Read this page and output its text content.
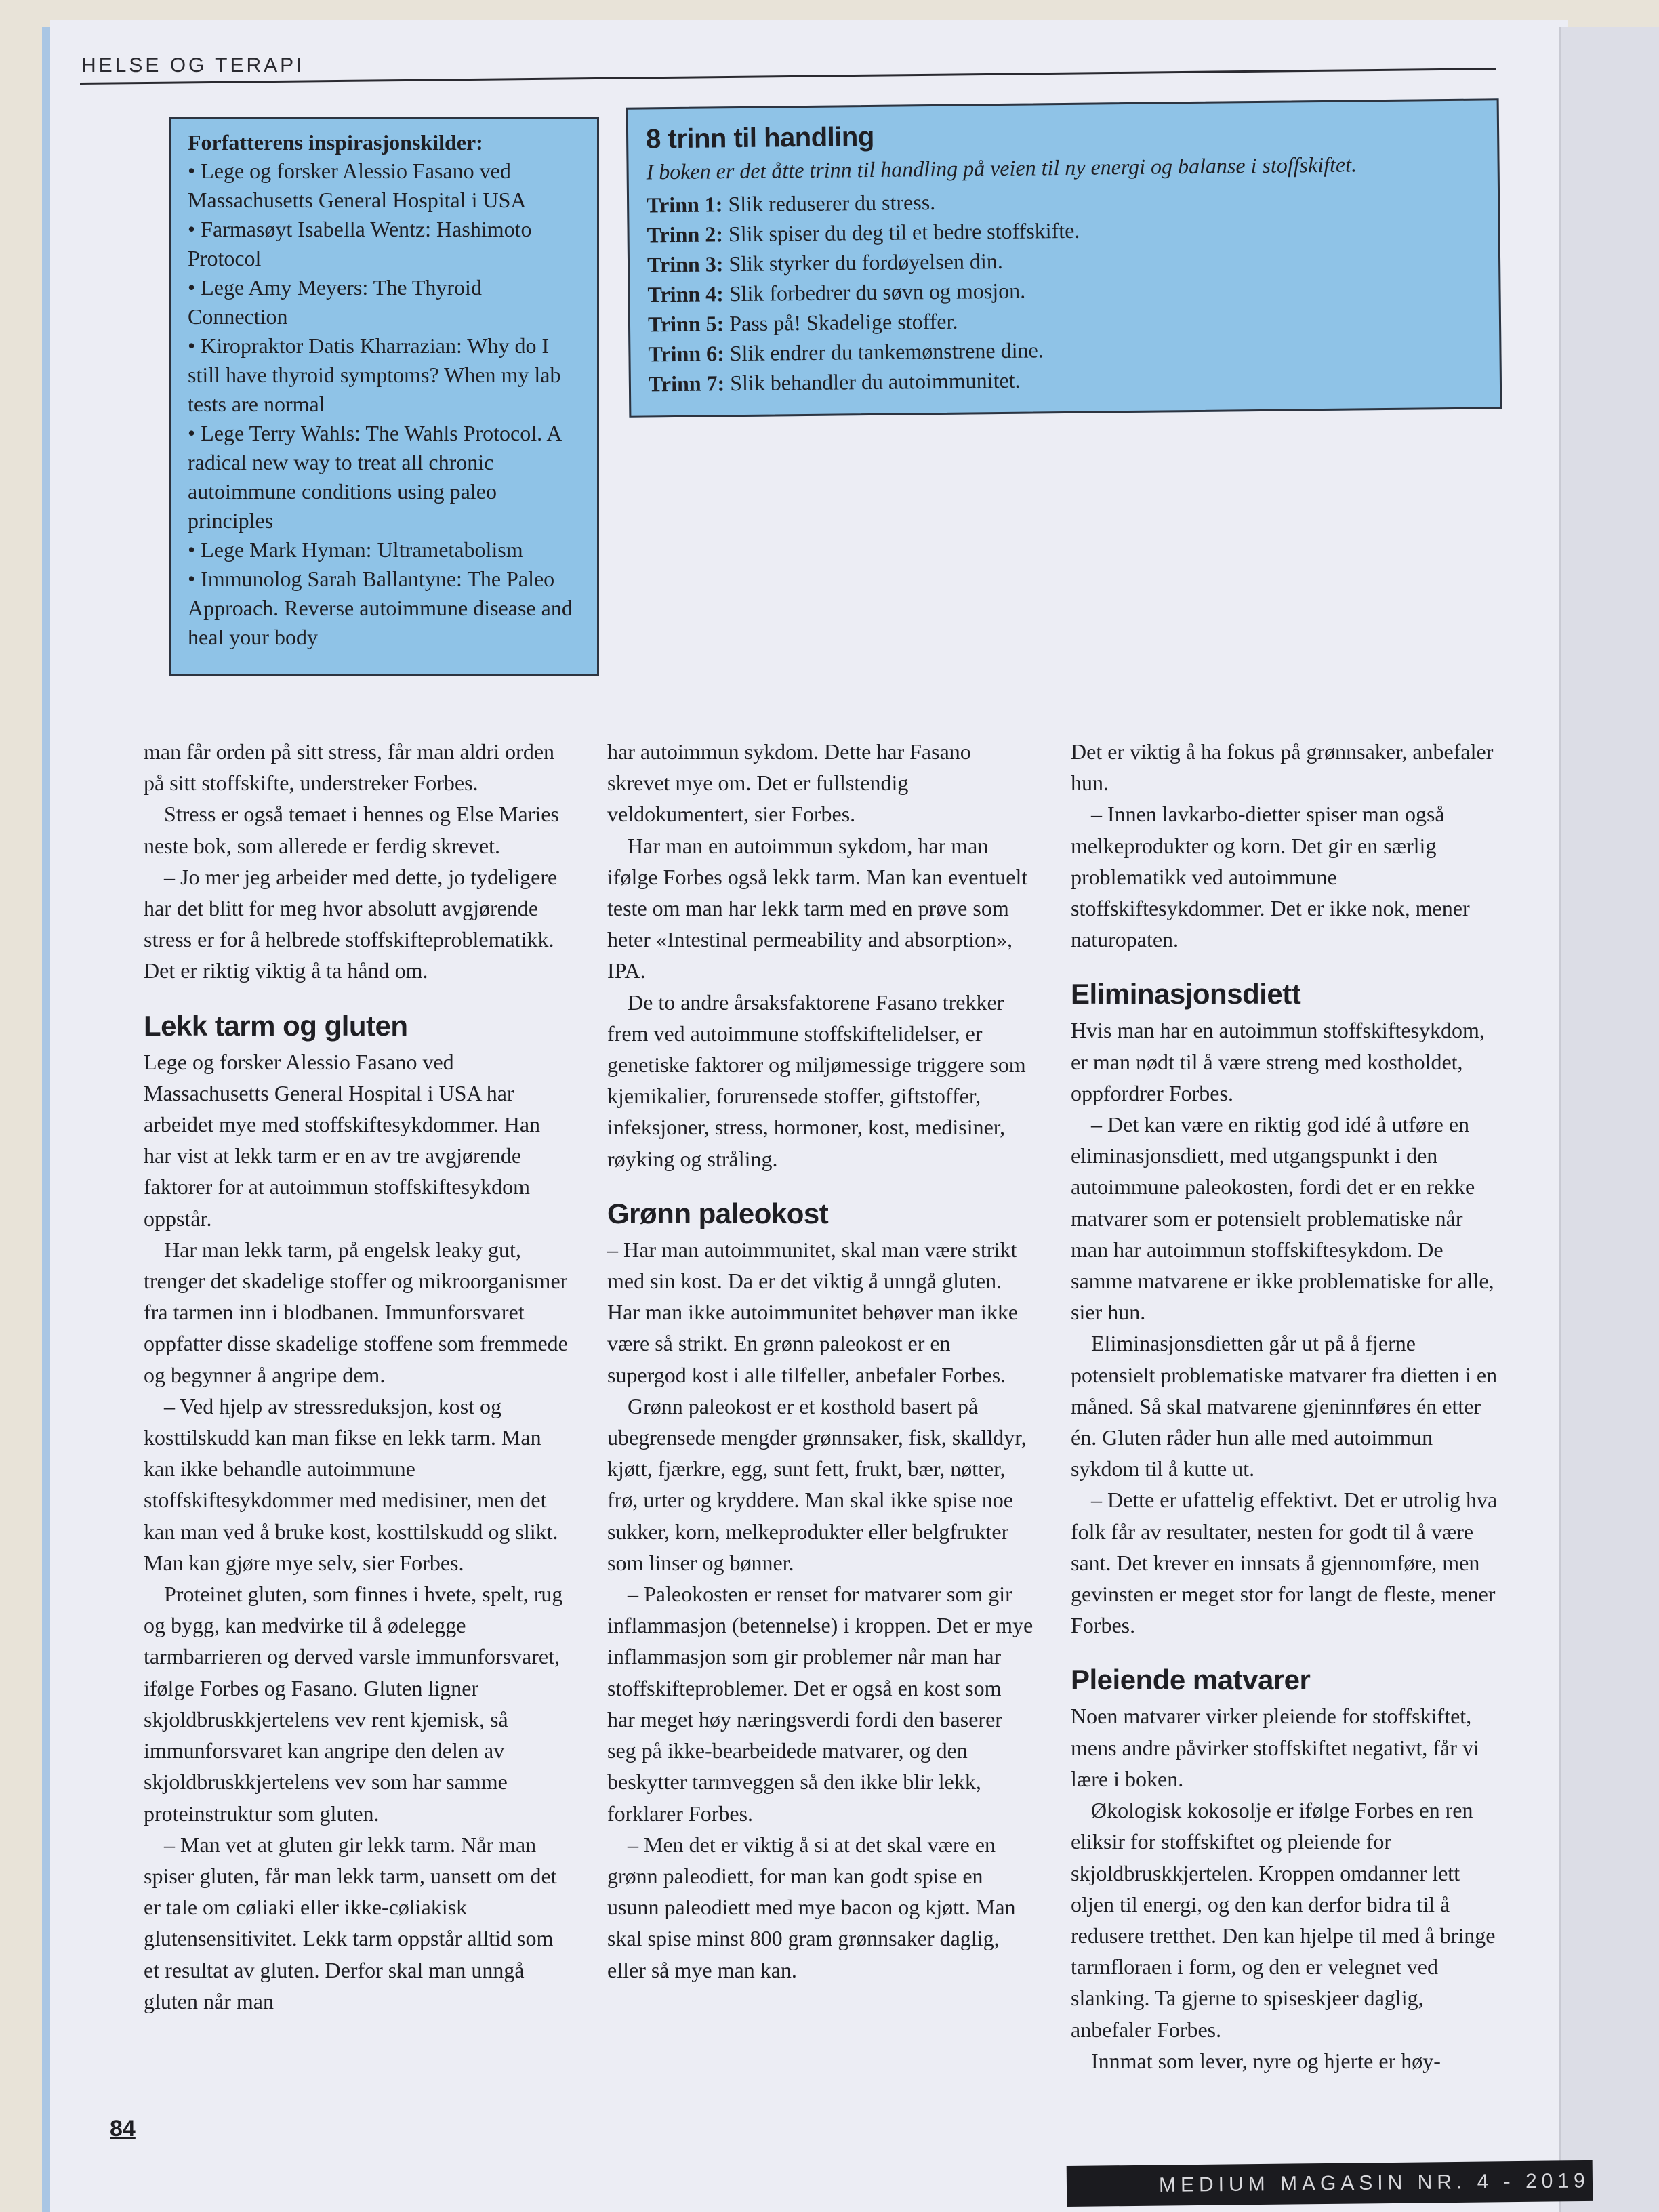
HELSE OG TERAPI

Forfatterens inspirasjonskilder:

• Lege og forsker Alessio Fasano ved Massachusetts General Hospital i USA

• Farmasøyt Isabella Wentz: Hashimoto Protocol

• Lege Amy Meyers: The Thyroid Connection

• Kiropraktor Datis Kharrazian: Why do I still have thyroid symptoms? When my lab tests are normal

• Lege Terry Wahls: The Wahls Protocol. A radical new way to treat all chronic autoimmune conditions using paleo principles

• Lege Mark Hyman: Ultrametabolism

• Immunolog Sarah Ballantyne: The Paleo Approach. Reverse autoimmune disease and heal your body

8 trinn til handling

I boken er det åtte trinn til handling på veien til ny energi og balanse i stoffskiftet.

Trinn 1: Slik reduserer du stress.

Trinn 2: Slik spiser du deg til et bedre stoffskifte.

Trinn 3: Slik styrker du fordøyelsen din.

Trinn 4: Slik forbedrer du søvn og mosjon.

Trinn 5: Pass på! Skadelige stoffer.

Trinn 6: Slik endrer du tankemønstrene dine.

Trinn 7: Slik behandler du autoimmunitet.

man får orden på sitt stress, får man aldri orden på sitt stoffskifte, understreker Forbes.

Stress er også temaet i hennes og Else Maries neste bok, som allerede er ferdig skrevet.

– Jo mer jeg arbeider med dette, jo tydeligere har det blitt for meg hvor absolutt avgjørende stress er for å helbrede stoffskifteproblematikk. Det er riktig viktig å ta hånd om.

Lekk tarm og gluten

Lege og forsker Alessio Fasano ved Massachusetts General Hospital i USA har arbeidet mye med stoffskiftesykdommer. Han har vist at lekk tarm er en av tre avgjørende faktorer for at autoimmun stoffskiftesykdom oppstår.

Har man lekk tarm, på engelsk leaky gut, trenger det skadelige stoffer og mikroorganismer fra tarmen inn i blodbanen. Immunforsvaret oppfatter disse skadelige stoffene som fremmede og begynner å angripe dem.

– Ved hjelp av stressreduksjon, kost og kosttilskudd kan man fikse en lekk tarm. Man kan ikke behandle autoimmune stoffskiftesykdommer med medisiner, men det kan man ved å bruke kost, kosttilskudd og slikt. Man kan gjøre mye selv, sier Forbes.

Proteinet gluten, som finnes i hvete, spelt, rug og bygg, kan medvirke til å ødelegge tarmbarrieren og derved varsle immunforsvaret, ifølge Forbes og Fasano. Gluten ligner skjoldbruskkjertelens vev rent kjemisk, så immunforsvaret kan angripe den delen av skjoldbruskkjertelens vev som har samme proteinstruktur som gluten.

– Man vet at gluten gir lekk tarm. Når man spiser gluten, får man lekk tarm, uansett om det er tale om cøliaki eller ikke-cøliakisk glutensensitivitet. Lekk tarm oppstår alltid som et resultat av gluten. Derfor skal man unngå gluten når man

har autoimmun sykdom. Dette har Fasano skrevet mye om. Det er fullstendig veldokumentert, sier Forbes.

Har man en autoimmun sykdom, har man ifølge Forbes også lekk tarm. Man kan eventuelt teste om man har lekk tarm med en prøve som heter «Intestinal permeability and absorption», IPA.

De to andre årsaksfaktorene Fasano trekker frem ved autoimmune stoffskiftelidelser, er genetiske faktorer og miljømessige triggere som kjemikalier, forurensede stoffer, giftstoffer, infeksjoner, stress, hormoner, kost, medisiner, røyking og stråling.

Grønn paleokost

– Har man autoimmunitet, skal man være strikt med sin kost. Da er det viktig å unngå gluten. Har man ikke autoimmunitet behøver man ikke være så strikt. En grønn paleokost er en supergod kost i alle tilfeller, anbefaler Forbes.

Grønn paleokost er et kosthold basert på ubegrensede mengder grønnsaker, fisk, skalldyr, kjøtt, fjærkre, egg, sunt fett, frukt, bær, nøtter, frø, urter og kryddere. Man skal ikke spise noe sukker, korn, melkeprodukter eller belgfrukter som linser og bønner.

– Paleokosten er renset for matvarer som gir inflammasjon (betennelse) i kroppen. Det er mye inflammasjon som gir problemer når man har stoffskifteproblemer. Det er også en kost som har meget høy næringsverdi fordi den baserer seg på ikke-bearbeidede matvarer, og den beskytter tarmveggen så den ikke blir lekk, forklarer Forbes.

– Men det er viktig å si at det skal være en grønn paleodiett, for man kan godt spise en usunn paleodiett med mye bacon og kjøtt. Man skal spise minst 800 gram grønnsaker daglig, eller så mye man kan.

Det er viktig å ha fokus på grønnsaker, anbefaler hun.

– Innen lavkarbo-dietter spiser man også melkeprodukter og korn. Det gir en særlig problematikk ved autoimmune stoffskiftesykdommer. Det er ikke nok, mener naturopaten.

Eliminasjonsdiett

Hvis man har en autoimmun stoffskiftesykdom, er man nødt til å være streng med kostholdet, oppfordrer Forbes.

– Det kan være en riktig god idé å utføre en eliminasjonsdiett, med utgangspunkt i den autoimmune paleokosten, fordi det er en rekke matvarer som er potensielt problematiske når man har autoimmun stoffskiftesykdom. De samme matvarene er ikke problematiske for alle, sier hun.

Eliminasjonsdietten går ut på å fjerne potensielt problematiske matvarer fra dietten i en måned. Så skal matvarene gjeninnføres én etter én. Gluten råder hun alle med autoimmun sykdom til å kutte ut.

– Dette er ufattelig effektivt. Det er utrolig hva folk får av resultater, nesten for godt til å være sant. Det krever en innsats å gjennomføre, men gevinsten er meget stor for langt de fleste, mener Forbes.

Pleiende matvarer

Noen matvarer virker pleiende for stoffskiftet, mens andre påvirker stoffskiftet negativt, får vi lære i boken.

Økologisk kokosolje er ifølge Forbes en ren eliksir for stoffskiftet og pleiende for skjoldbruskkjertelen. Kroppen omdanner lett oljen til energi, og den kan derfor bidra til å redusere tretthet. Den kan hjelpe til med å bringe tarmfloraen i form, og den er velegnet ved slanking. Ta gjerne to spiseskjeer daglig, anbefaler Forbes.

Innmat som lever, nyre og hjerte er høy-

84
MEDIUM MAGASIN NR. 4 - 2019
